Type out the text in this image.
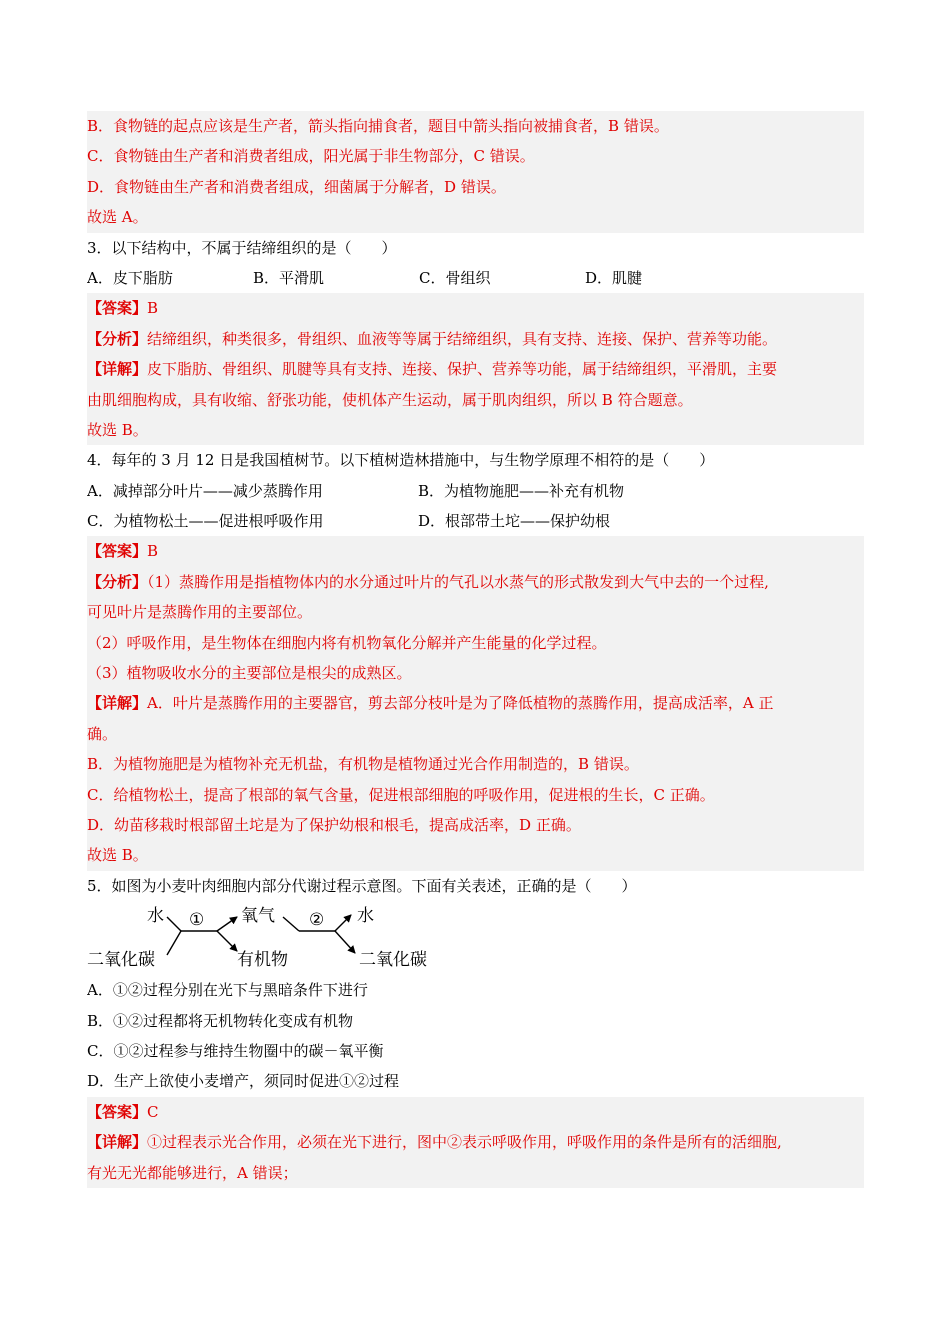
B．食物链的起点应该是生产者，箭头指向捕食者，题目中箭头指向被捕食者，B 错误。
C．食物链由生产者和消费者组成，阳光属于非生物部分，C 错误。
D．食物链由生产者和消费者组成，细菌属于分解者，D 错误。
故选 A。
3．以下结构中，不属于结缔组织的是（　　）
A．皮下脂肪	B．平滑肌	C．骨组织	D．肌腱
【答案】B
【分析】结缔组织，种类很多，骨组织、血液等等属于结缔组织，具有支持、连接、保护、营养等功能。
【详解】皮下脂肪、骨组织、肌腱等具有支持、连接、保护、营养等功能，属于结缔组织，平滑肌，主要
由肌细胞构成，具有收缩、舒张功能，使机体产生运动，属于肌肉组织，所以 B 符合题意。
故选 B。
4．每年的 3 月 12 日是我国植树节。以下植树造林措施中，与生物学原理不相符的是（　　）
A．减掉部分叶片——减少蒸腾作用	B．为植物施肥——补充有机物
C．为植物松土——促进根呼吸作用	D．根部带土坨——保护幼根
【答案】B
【分析】（1）蒸腾作用是指植物体内的水分通过叶片的气孔以水蒸气的形式散发到大气中去的一个过程,
可见叶片是蒸腾作用的主要部位。
（2）呼吸作用，是生物体在细胞内将有机物氧化分解并产生能量的化学过程。
（3）植物吸收水分的主要部位是根尖的成熟区。
【详解】A．叶片是蒸腾作用的主要器官，剪去部分枝叶是为了降低植物的蒸腾作用，提高成活率，A 正
确。
B．为植物施肥是为植物补充无机盐，有机物是植物通过光合作用制造的，B 错误。
C．给植物松土，提高了根部的氧气含量，促进根部细胞的呼吸作用，促进根的生长，C 正确。
D．幼苗移栽时根部留土坨是为了保护幼根和根毛，提高成活率，D 正确。
故选 B。
5．如图为小麦叶肉细胞内部分代谢过程示意图。下面有关表述，正确的是（　　）
水
二氧化碳
① 氧气
有机物
② 水
二氧化碳
A．①②过程分别在光下与黑暗条件下进行
B．①②过程都将无机物转化变成有机物
C．①②过程参与维持生物圈中的碳－氧平衡
D．生产上欲使小麦增产，须同时促进①②过程
【答案】C
【详解】①过程表示光合作用，必须在光下进行，图中②表示呼吸作用，呼吸作用的条件是所有的活细胞,
有光无光都能够进行，A 错误；
